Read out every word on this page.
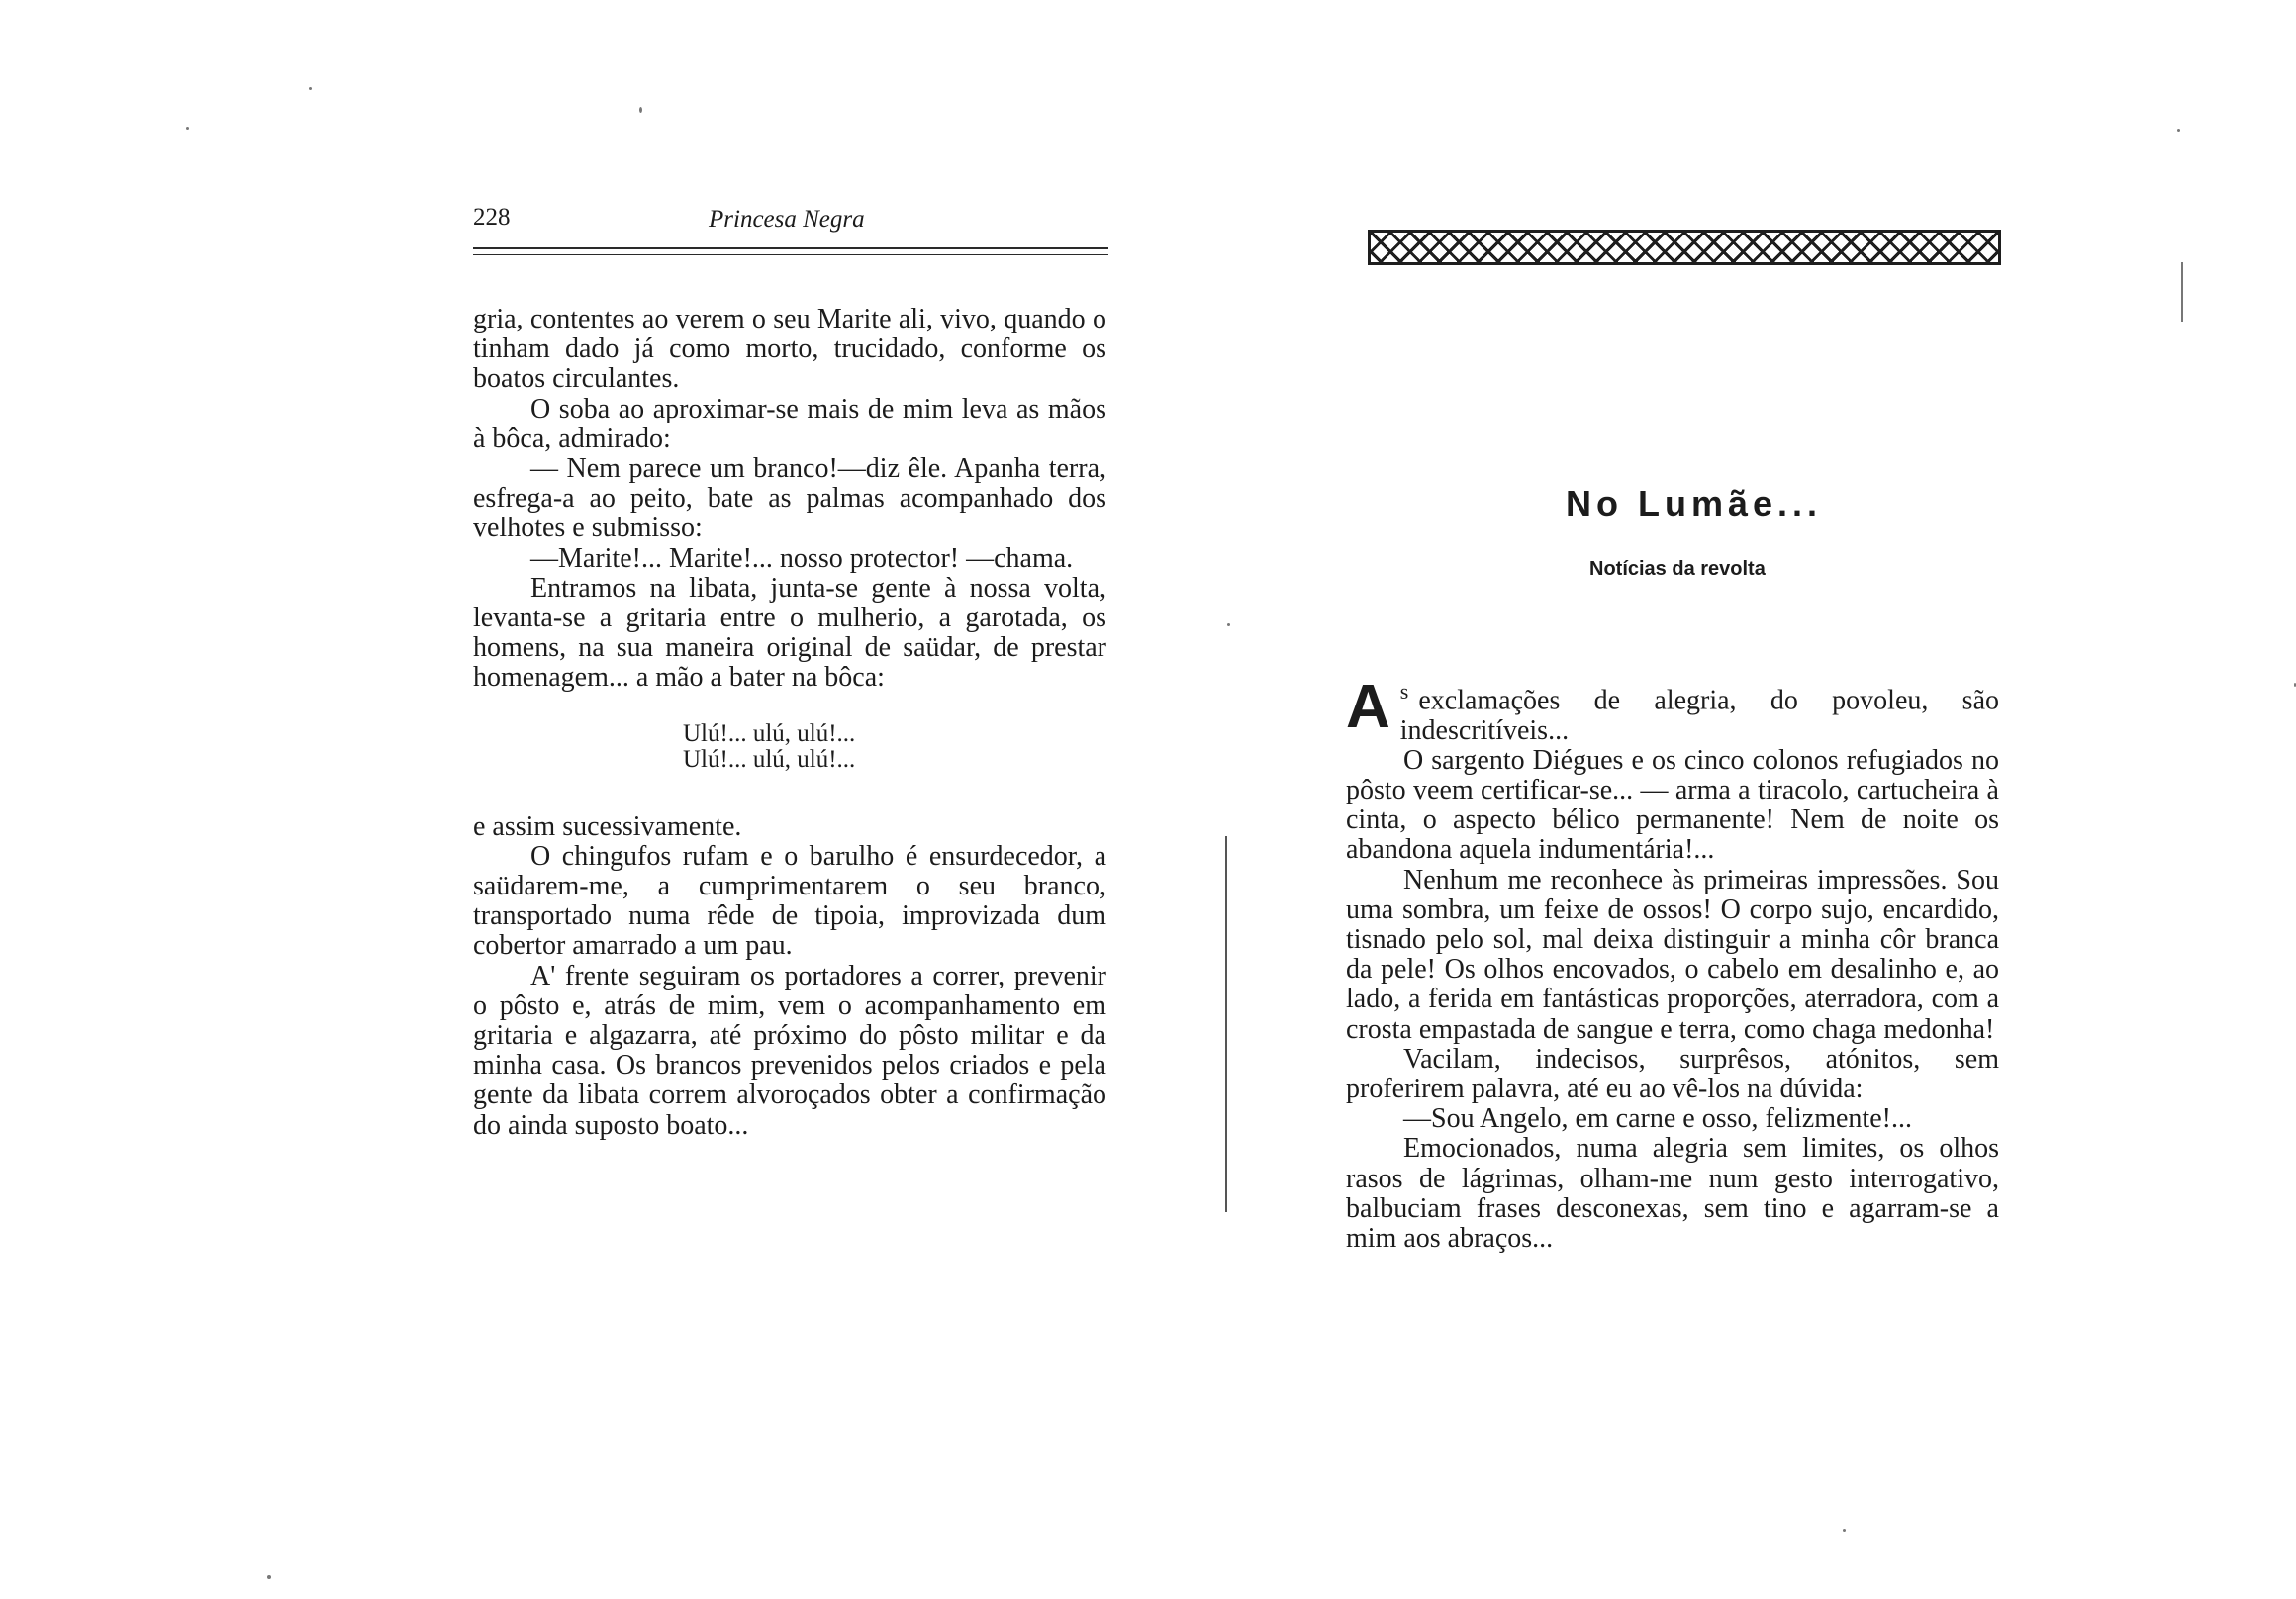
228	Princesa Negra

gria, contentes ao verem o seu Marite ali, vivo, quando o tinham dado já como morto, trucidado, conforme os boatos circulantes.

O soba ao aproximar-se mais de mim leva as mãos à bôca, admirado:

— Nem parece um branco!—diz êle. Apanha terra, esfrega-a ao peito, bate as palmas acompanhado dos velhotes e submisso:

—Marite!... Marite!... nosso protector! —chama.

Entramos na libata, junta-se gente à nossa volta, levanta-se a gritaria entre o mulherio, a garotada, os homens, na sua maneira original de saüdar, de prestar homenagem... a mão a bater na bôca:

Ulú!... ulú, ulú!...
Ulú!... ulú, ulú!...

e assim sucessivamente.

O chingufos rufam e o barulho é ensurdecedor, a saüdarem-me, a cumprimentarem o seu branco, transportado numa rêde de tipoia, improvizada dum cobertor amarrado a um pau.

A' frente seguiram os portadores a correr, prevenir o pôsto e, atrás de mim, vem o acompanhamento em gritaria e algazarra, até próximo do pôsto militar e da minha casa. Os brancos prevenidos pelos criados e pela gente da libata correm alvoroçados obter a confirmação do ainda suposto boato...

No Lumãe...
Notícias da revolta

A $^s$ exclamações de alegria, do povoleu, são indescritíveis...

O sargento Diégues e os cinco colonos refugiados no pôsto veem certificar-se... — arma a tiracolo, cartucheira à cinta, o aspecto bélico permanente! Nem de noite os abandona aquela indumentária!...

Nenhum me reconhece às primeiras impressões. Sou uma sombra, um feixe de ossos! O corpo sujo, encardido, tisnado pelo sol, mal deixa distinguir a minha côr branca da pele! Os olhos encovados, o cabelo em desalinho e, ao lado, a ferida em fantásticas proporções, aterradora, com a crosta empastada de sangue e terra, como chaga medonha!

Vacilam, indecisos, surprêsos, atónitos, sem proferirem palavra, até eu ao vê-los na dúvida:

—Sou Angelo, em carne e osso, felizmente!...

Emocionados, numa alegria sem limites, os olhos rasos de lágrimas, olham-me num gesto interrogativo, balbuciam frases desconexas, sem tino e agarram-se a mim aos abraços...
